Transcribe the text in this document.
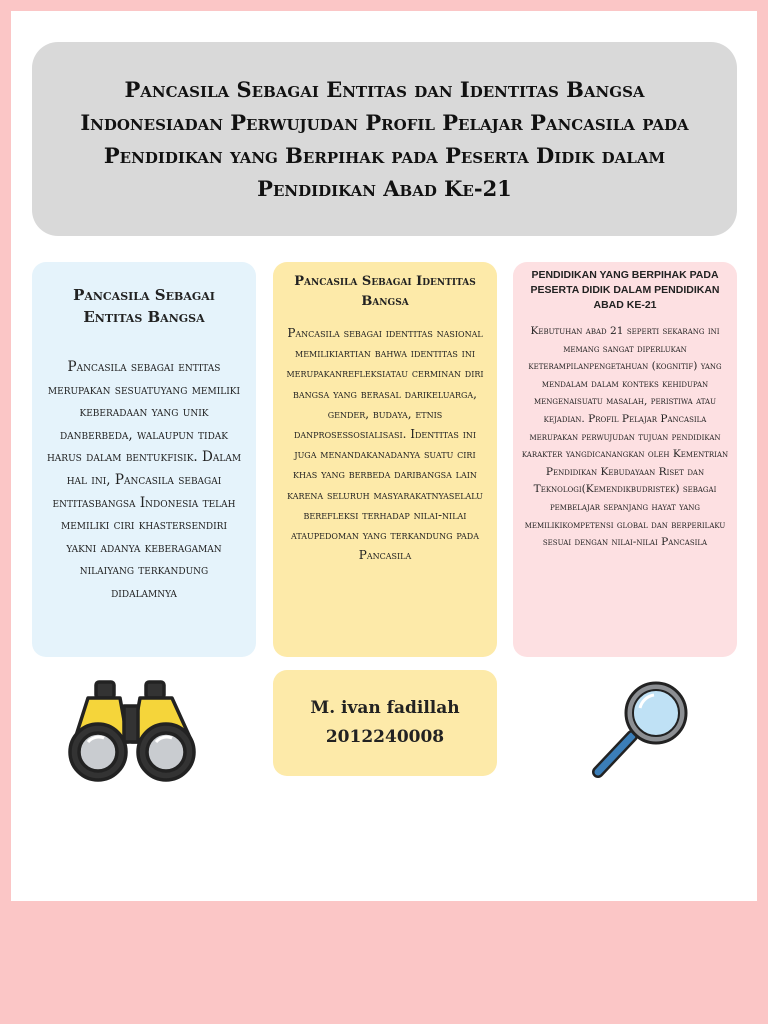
Pancasila Sebagai Entitas dan Identitas Bangsa Indonesiadan Perwujudan Profil Pelajar Pancasila pada Pendidikan yang Berpihak pada Peserta Didik dalam Pendidikan Abad Ke-21
Pancasila Sebagai Entitas Bangsa

Pancasila sebagai entitas merupakan sesuatuyang memiliki keberadaan yang unik danberbeda, walaupun tidak harus dalam bentukfisik. Dalam hal ini, Pancasila sebagai entitasbangsa Indonesia telah memiliki ciri khastersendiri yakni adanya keberagaman nilaiyang terkandung didalamnya

Pancasila Sebagai Identitas Bangsa

Pancasila sebagai identitas nasional memilikiartian bahwa identitas ini merupakanrefleksiatau cerminan diri bangsa yang berasal darikeluarga, gender, budaya, etnis danprosessosialisasi. Identitas ini juga menandakanadanya suatu ciri khas yang berbeda daribangsa lain karena seluruh masyarakatnyaselalu berefleksi terhadap nilai-nilai ataupedoman yang terkandung pada Pancasila

PENDIDIKAN YANG BERPIHAK PADA PESERTA DIDIK DALAM PENDIDIKAN ABAD KE-21

Kebutuhan abad 21 seperti sekarang ini memang sangat diperlukan keterampilanpengetahuan (kognitif) yang mendalam dalam konteks kehidupan mengenaisuatu masalah, peristiwa atau kejadian. Profil Pelajar Pancasila merupakan perwujudan tujuan pendidikan karakter yangdicanangkan oleh Kementrian Pendidikan Kebudayaan Riset dan Teknologi(Kemendikbudristek) sebagai pembelajar sepanjang hayat yang memilikikompetensi global dan berperilaku sesuai dengan nilai-nilai Pancasila

M. ivan fadillah
2012240008
